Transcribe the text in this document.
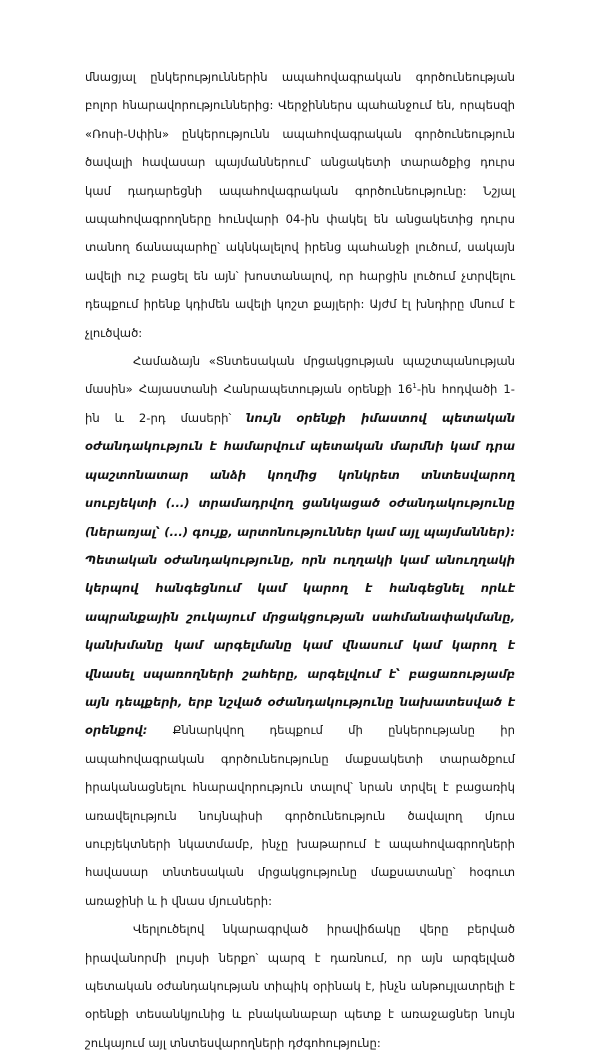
մնացյալ ընկերություններին ապահովագրական գործունեության բոլոր հնարավորություններից: Վերջիններս պահանջում են, որպեսզի «Ռոսի-Սփին» ընկերությունն ապահովագրական գործունեություն ծավալի հավասար պայմաններում՝ անցակետի տարածքից դուրս կամ դադարեցնի ապահովագրական գործունեությունը: Նշյալ ապահովագրողները հունվարի 04-ին փակել են անցակետից դուրս տանող ճանապարհը՝ ակնկալելով իրենց պահանջի լուծում, սակայն ավելի ուշ բացել են այն՝ խոստանալով, որ հարցին լուծում չտրվելու դեպքում իրենք կդիմեն ավելի կոշտ քայլերի: Այժմ էլ խնդիրը մնում է չլուծված:

Համաձայն «Տնտեսական մրցակցության պաշտպանության մասին» Հայաստանի Հանրապետության օրենքի $16^1-ին$ հոդվածի 1-ին և 2-րդ մասերի՝ նույն օրենքի իմաստով պետական օժանդակություն է համարվում պետական մարմնի կամ դրա պաշտոնատար անձի կողմից կոնկրետ տնտեսվարող սուբյեկտի (...) տրամադրվող ցանկացած օժանդակությունը (ներառյալ՝ (...) գույք, արտոնություններ կամ այլ պայմաններ): Պետական օժանդակությունը, որն ուղղակի կամ անուղղակի կերպով հանգեցնում կամ կարող է հանգեցնել որևէ ապրանքային շուկայում մրցակցության սահմանափակմանը, կանխմանը կամ արգելմանը կամ վնասում կամ կարող է վնասել սպառողների շահերը, արգելվում է՝ բացառությամբ այն դեպքերի, երբ նշված օժանդակությունը նախատեսված է օրենքով: Քննարկվող դեպքում մի ընկերությանը իր ապահովագրական գործունեությունը մաքսակետի տարածքում իրականացնելու հնարավորություն տալով՝ նրան տրվել է բացառիկ առավելություն նույնպիսի գործունեություն ծավալող մյուս սուբյեկտների նկատմամբ, ինչը խաթարում է ապահովագրողների հավասար տնտեսական մրցակցությունը մաքսատանը՝ hօգուտ առաջինի և ի վնաս մյուսների:

Վերլուծելով նկարագրված իրավիճակը վերը բերված իրավանորմի լույսի ներքո՝ պարզ է դառնում, որ այն արգելված պետական օժանդակության տիպիկ օրինակ է, ինչն անթույլատրելի է օրենքի տեսանկյունից և բնականաբար պետք է առաջացներ նույն շուկայում այլ տնտեսվարողների դժգոհությունը:
